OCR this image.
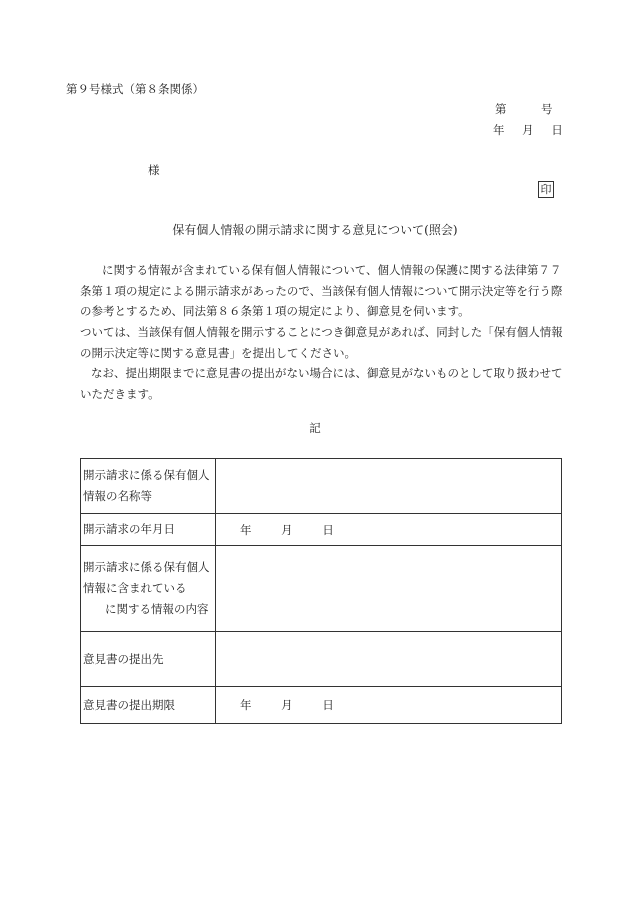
第９号様式（第８条関係）
第	号
年 月 日
様
印
保有個人情報の開示請求に関する意見について(照会)
に関する情報が含まれている保有個人情報について、個人情報の保護に関する法律第７７条第１項の規定による開示請求があったので、当該保有個人情報について開示決定等を行う際の参考とするため、同法第８６条第１項の規定により、御意見を伺います。
ついては、当該保有個人情報を開示することにつき御意見があれば、同封した「保有個人情報の開示決定等に関する意見書」を提出してください。
なお、提出期限までに意見書の提出がない場合には、御意見がないものとして取り扱わせていただきます。
記
開示請求に係る保有個人
情報の名称等	
開示請求の年月日	年 月 日
開示請求に係る保有個人
情報に含まれている

に関する情報の内容	

意見書の提出先	
意見書の提出期限	年 月 日
